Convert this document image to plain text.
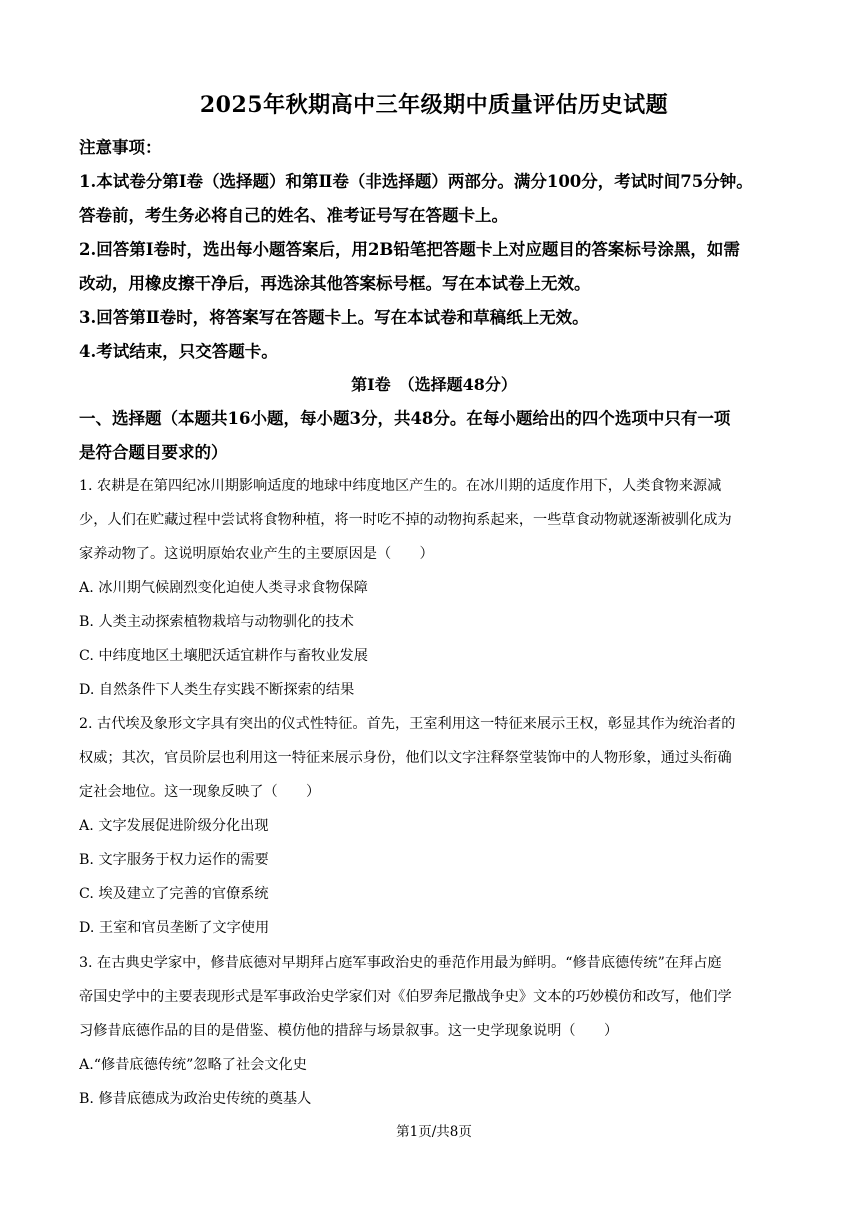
2025年秋期高中三年级期中质量评估历史试题
注意事项：
1.本试卷分第Ⅰ卷（选择题）和第Ⅱ卷（非选择题）两部分。满分100分，考试时间75分钟。
答卷前，考生务必将自己的姓名、准考证号写在答题卡上。
2.回答第Ⅰ卷时，选出每小题答案后，用2B铅笔把答题卡上对应题目的答案标号涂黑，如需
改动，用橡皮擦干净后，再选涂其他答案标号框。写在本试卷上无效。
3.回答第Ⅱ卷时，将答案写在答题卡上。写在本试卷和草稿纸上无效。
4.考试结束，只交答题卡。
第Ⅰ卷　（选择题48分）
一、选择题（本题共16小题，每小题3分，共48分。在每小题给出的四个选项中只有一项
是符合题目要求的）
1. 农耕是在第四纪冰川期影响适度的地球中纬度地区产生的。在冰川期的适度作用下，人类食物来源减
少，人们在贮藏过程中尝试将食物种植，将一时吃不掉的动物拘系起来，一些草食动物就逐渐被驯化成为
家养动物了。这说明原始农业产生的主要原因是（　　）
A. 冰川期气候剧烈变化迫使人类寻求食物保障
B. 人类主动探索植物栽培与动物驯化的技术
C. 中纬度地区土壤肥沃适宜耕作与畜牧业发展
D. 自然条件下人类生存实践不断探索的结果
2. 古代埃及象形文字具有突出的仪式性特征。首先，王室利用这一特征来展示王权，彰显其作为统治者的
权威；其次，官员阶层也利用这一特征来展示身份，他们以文字注释祭堂装饰中的人物形象，通过头衔确
定社会地位。这一现象反映了（　　）
A. 文字发展促进阶级分化出现
B. 文字服务于权力运作的需要
C. 埃及建立了完善的官僚系统
D. 王室和官员垄断了文字使用
3. 在古典史学家中，修昔底德对早期拜占庭军事政治史的垂范作用最为鲜明。“修昔底德传统”在拜占庭
帝国史学中的主要表现形式是军事政治史学家们对《伯罗奔尼撒战争史》文本的巧妙模仿和改写，他们学
习修昔底德作品的目的是借鉴、模仿他的措辞与场景叙事。这一史学现象说明（　　）
A.“修昔底德传统”忽略了社会文化史
B. 修昔底德成为政治史传统的奠基人
第1页/共8页
